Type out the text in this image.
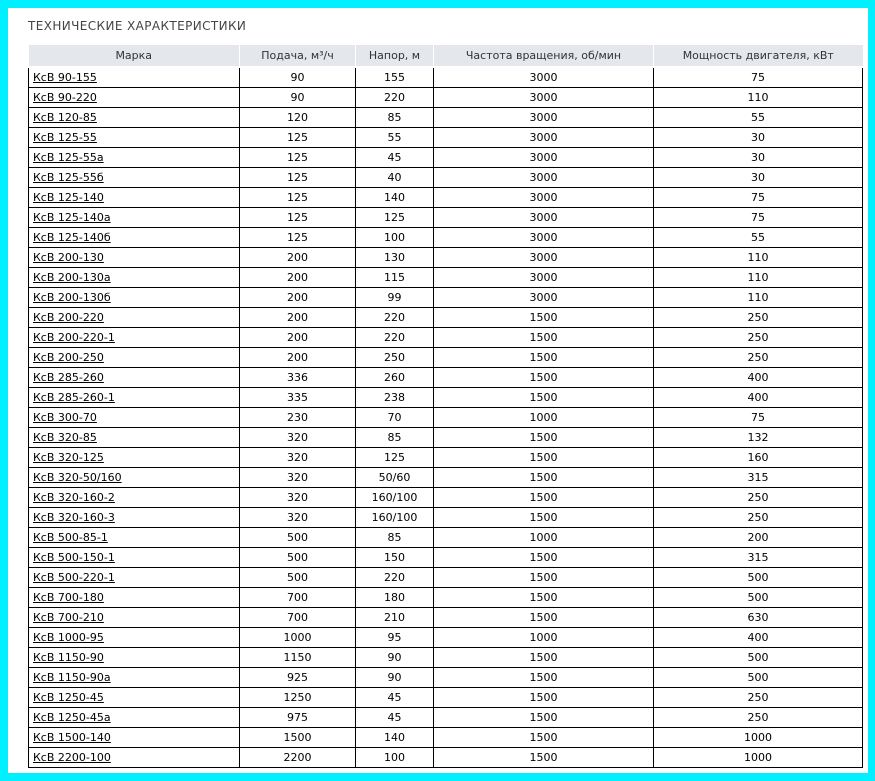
ТЕХНИЧЕСКИЕ ХАРАКТЕРИСТИКИ
Марка	Подача, м³/ч	Напор, м	Частота вращения, об/мин	Мощность двигателя, кВт
КсВ 90-155	90	155	3000	75
КсВ 90-220	90	220	3000	110
КсВ 120-85	120	85	3000	55
КсВ 125-55	125	55	3000	30
КсВ 125-55а	125	45	3000	30
КсВ 125-55б	125	40	3000	30
КсВ 125-140	125	140	3000	75
КсВ 125-140а	125	125	3000	75
КсВ 125-140б	125	100	3000	55
КсВ 200-130	200	130	3000	110
КсВ 200-130а	200	115	3000	110
КсВ 200-130б	200	99	3000	110
КсВ 200-220	200	220	1500	250
КсВ 200-220-1	200	220	1500	250
КсВ 200-250	200	250	1500	250
КсВ 285-260	336	260	1500	400
КсВ 285-260-1	335	238	1500	400
КсВ 300-70	230	70	1000	75
КсВ 320-85	320	85	1500	132
КсВ 320-125	320	125	1500	160
КсВ 320-50/160	320	50/60	1500	315
КсВ 320-160-2	320	160/100	1500	250
КсВ 320-160-3	320	160/100	1500	250
КсВ 500-85-1	500	85	1000	200
КсВ 500-150-1	500	150	1500	315
КсВ 500-220-1	500	220	1500	500
КсВ 700-180	700	180	1500	500
КсВ 700-210	700	210	1500	630
КсВ 1000-95	1000	95	1000	400
КсВ 1150-90	1150	90	1500	500
КсВ 1150-90а	925	90	1500	500
КсВ 1250-45	1250	45	1500	250
КсВ 1250-45а	975	45	1500	250
КсВ 1500-140	1500	140	1500	1000
КсВ 2200-100	2200	100	1500	1000
